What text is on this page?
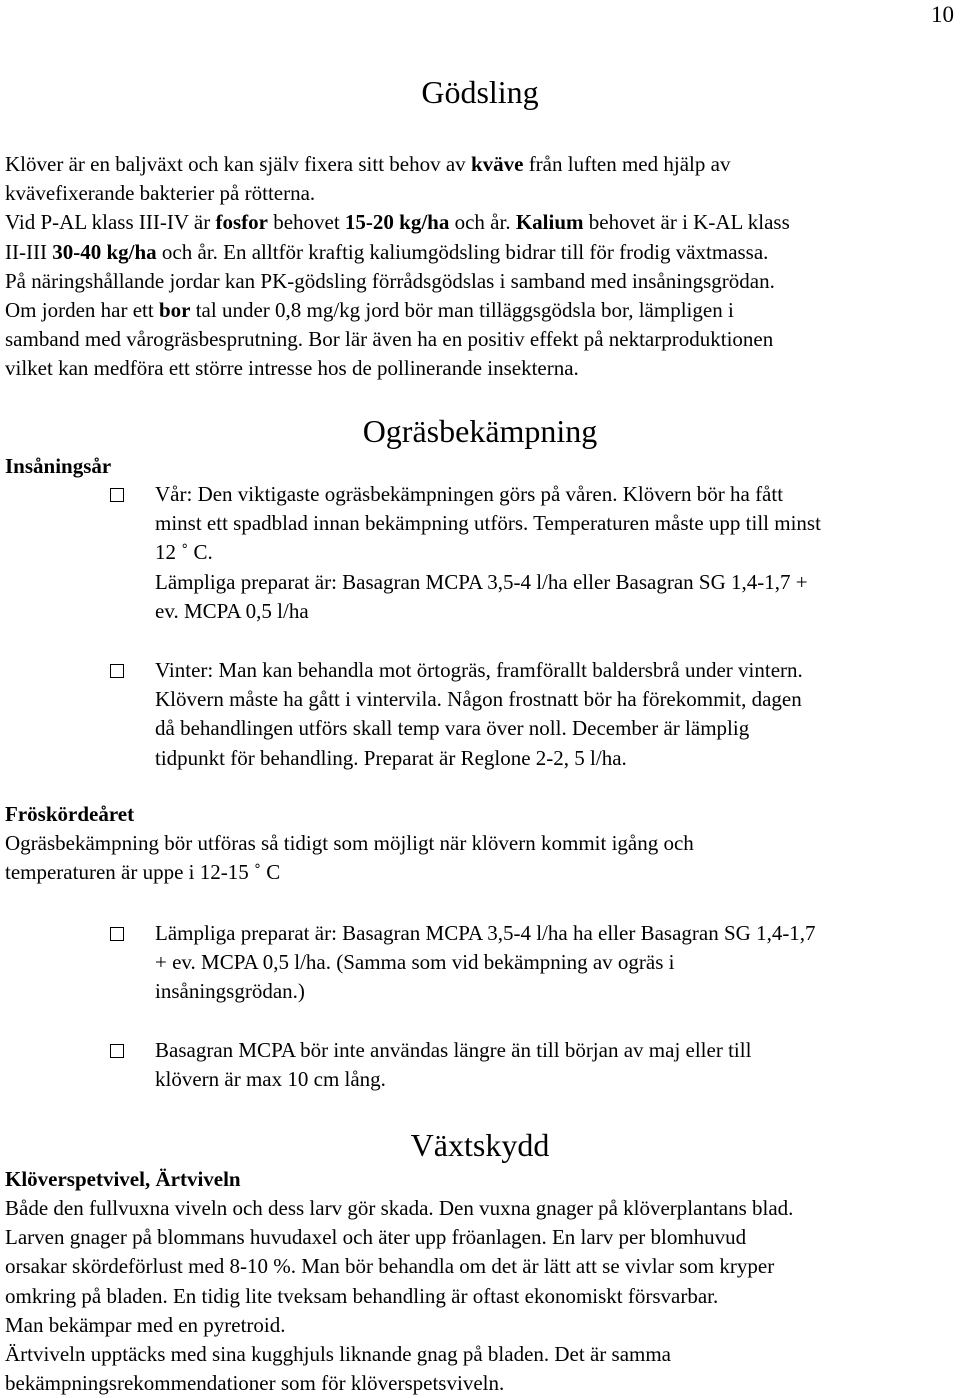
10
Gödsling
Klöver är en baljväxt och kan själv fixera sitt behov av kväve från luften med hjälp av
kvävefixerande bakterier på rötterna.
Vid P-AL klass III-IV är fosfor behovet 15-20 kg/ha och år. Kalium behovet är i K-AL klass
II-III 30-40 kg/ha och år. En alltför kraftig kaliumgödsling bidrar till för frodig växtmassa.
På näringshållande jordar kan PK-gödsling förrådsgödslas i samband med insåningsgrödan.
Om jorden har ett bor tal under 0,8 mg/kg jord bör man tilläggsgödsla bor, lämpligen i
samband med vårogräsbesprutning. Bor lär även ha en positiv effekt på nektarproduktionen
vilket kan medföra ett större intresse hos de pollinerande insekterna.
Ogräsbekämpning
Insåningsår
Vår: Den viktigaste ogräsbekämpningen görs på våren. Klövern bör ha fått
minst ett spadblad innan bekämpning utförs. Temperaturen måste upp till minst
12 ˚ C.
Lämpliga preparat är: Basagran MCPA 3,5-4 l/ha eller Basagran SG 1,4-1,7 +
ev. MCPA 0,5 l/ha
Vinter: Man kan behandla mot örtogräs, framförallt baldersbrå under vintern.
Klövern måste ha gått i vintervila. Någon frostnatt bör ha förekommit, dagen
då behandlingen utförs skall temp vara över noll. December är lämplig
tidpunkt för behandling. Preparat är Reglone 2-2, 5 l/ha.
Fröskördeåret
Ogräsbekämpning bör utföras så tidigt som möjligt när klövern kommit igång och
temperaturen är uppe i 12-15 ˚ C
Lämpliga preparat är: Basagran MCPA 3,5-4 l/ha ha eller Basagran SG 1,4-1,7
+ ev. MCPA 0,5 l/ha. (Samma som vid bekämpning av ogräs i
insåningsgrödan.)
Basagran MCPA bör inte användas längre än till början av maj eller till
klövern är max 10 cm lång.
Växtskydd
Klöverspetvivel, Ärtviveln
Både den fullvuxna viveln och dess larv gör skada. Den vuxna gnager på klöverplantans blad.
Larven gnager på blommans huvudaxel och äter upp fröanlagen. En larv per blomhuvud
orsakar skördeförlust med 8-10 %. Man bör behandla om det är lätt att se vivlar som kryper
omkring på bladen. En tidig lite tveksam behandling är oftast ekonomiskt försvarbar.
Man bekämpar med en pyretroid.
Ärtviveln upptäcks med sina kugghjuls liknande gnag på bladen. Det är samma
bekämpningsrekommendationer som för klöverspetsviveln.
